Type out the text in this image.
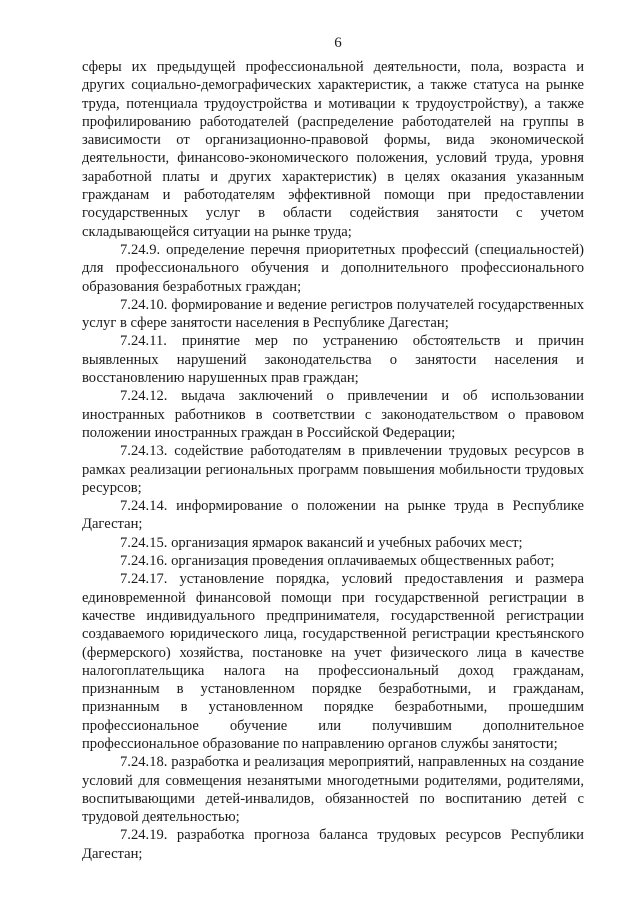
6

сферы их предыдущей профессиональной деятельности, пола, возраста и других социально-демографических характеристик, а также статуса на рынке труда, потенциала трудоустройства и мотивации к трудоустройству), а также профилированию работодателей (распределение работодателей на группы в зависимости от организационно-правовой формы, вида экономической деятельности, финансово-экономического положения, условий труда, уровня заработной платы и других характеристик) в целях оказания указанным гражданам и работодателям эффективной помощи при предоставлении государственных услуг в области содействия занятости с учетом складывающейся ситуации на рынке труда;

7.24.9. определение перечня приоритетных профессий (специальностей) для профессионального обучения и дополнительного профессионального образования безработных граждан;

7.24.10. формирование и ведение регистров получателей государственных услуг в сфере занятости населения в Республике Дагестан;

7.24.11. принятие мер по устранению обстоятельств и причин выявленных нарушений законодательства о занятости населения и восстановлению нарушенных прав граждан;

7.24.12. выдача заключений о привлечении и об использовании иностранных работников в соответствии с законодательством о правовом положении иностранных граждан в Российской Федерации;

7.24.13. содействие работодателям в привлечении трудовых ресурсов в рамках реализации региональных программ повышения мобильности трудовых ресурсов;

7.24.14. информирование о положении на рынке труда в Республике Дагестан;

7.24.15. организация ярмарок вакансий и учебных рабочих мест;

7.24.16. организация проведения оплачиваемых общественных работ;

7.24.17. установление порядка, условий предоставления и размера единовременной финансовой помощи при государственной регистрации в качестве индивидуального предпринимателя, государственной регистрации создаваемого юридического лица, государственной регистрации крестьянского (фермерского) хозяйства, постановке на учет физического лица в качестве налогоплательщика налога на профессиональный доход гражданам, признанным в установленном порядке безработными, и гражданам, признанным в установленном порядке безработными, прошедшим профессиональное обучение или получившим дополнительное профессиональное образование по направлению органов службы занятости;

7.24.18. разработка и реализация мероприятий, направленных на создание условий для совмещения незанятыми многодетными родителями, родителями, воспитывающими детей-инвалидов, обязанностей по воспитанию детей с трудовой деятельностью;

7.24.19. разработка прогноза баланса трудовых ресурсов Республики Дагестан;
